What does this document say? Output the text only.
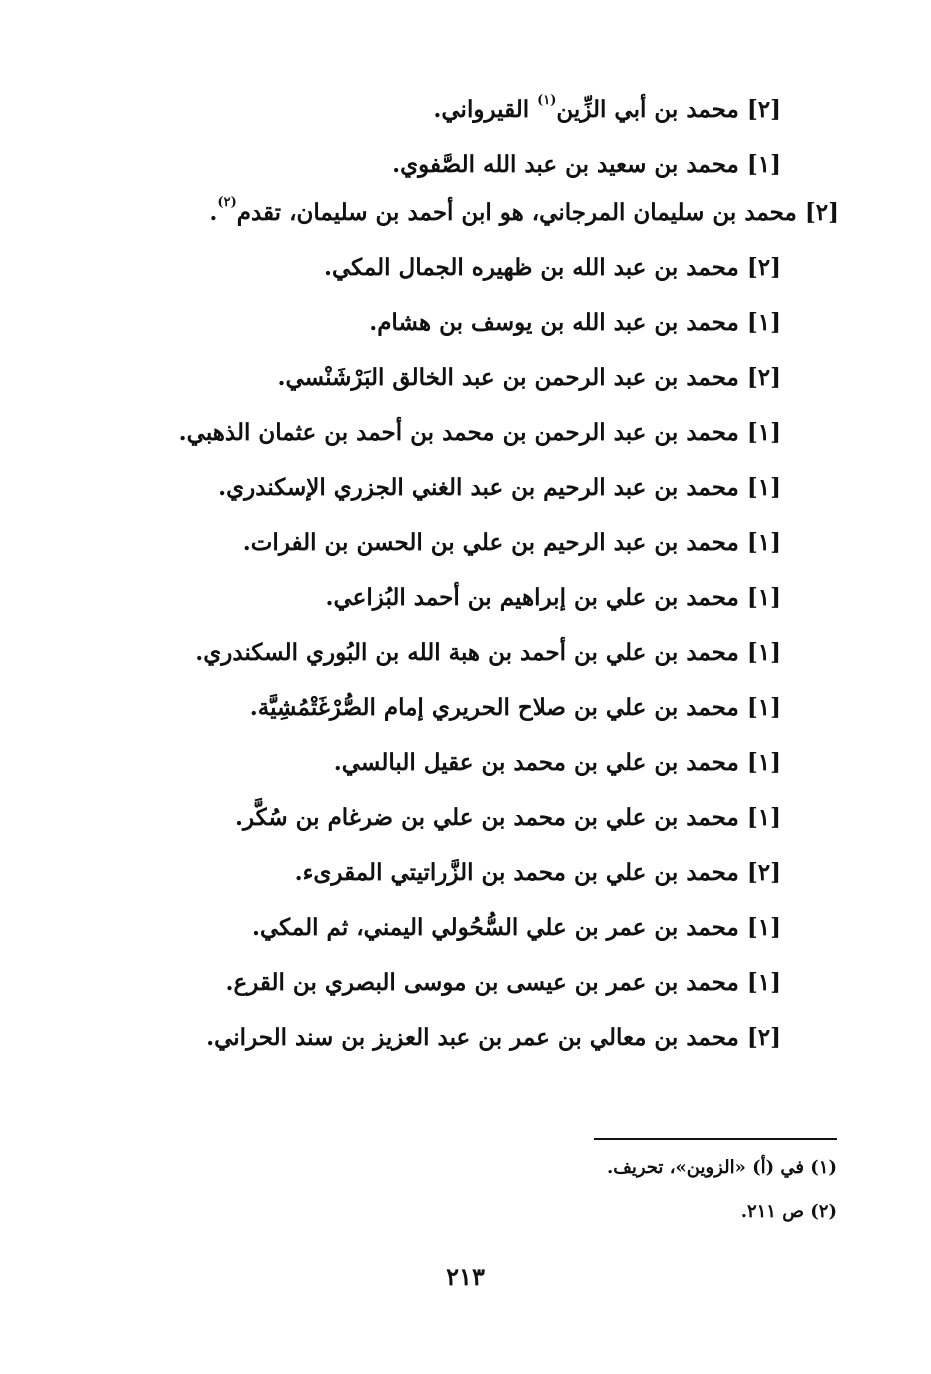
[٢]
محمد بن أبي الزِّين$^{(١)}$ القيرواني.
[١]
محمد بن سعيد بن عبد الله الصَّفوي.
[٢]محمد بن سليمان المرجاني، هو ابن أحمد بن سليمان، تقدم$^{(٢)}$.
[٢]
محمد بن عبد الله بن ظهيره الجمال المكي.
[١]
محمد بن عبد الله بن يوسف بن هشام.
[٢]
محمد بن عبد الرحمن بن عبد الخالق البَرْشَنْسي.
[١]
محمد بن عبد الرحمن بن محمد بن أحمد بن عثمان الذهبي.
[١]
محمد بن عبد الرحيم بن عبد الغني الجزري الإسكندري.
[١]
محمد بن عبد الرحيم بن علي بن الحسن بن الفرات.
[١]
محمد بن علي بن إبراهيم بن أحمد البُزاعي.
[١]
محمد بن علي بن أحمد بن هبة الله بن البُوري السكندري.
[١]
محمد بن علي بن صلاح الحريري إمام الصُّرْغَتْمُشِيَّة.
[١]
محمد بن علي بن محمد بن عقيل البالسي.
[١]
محمد بن علي بن محمد بن علي بن ضرغام بن سُكَّر.
[٢]
محمد بن علي بن محمد بن الزَّراتيتي المقرىء.
[١]
محمد بن عمر بن علي السُّحُولي اليمني، ثم المكي.
[١]
محمد بن عمر بن عيسى بن موسى البصري بن القرع.
[٢]
محمد بن معالي بن عمر بن عبد العزيز بن سند الحراني.
(١) في (أ) «الزوين»، تحريف.
(٢) ص ٢١١.
٢١٣
